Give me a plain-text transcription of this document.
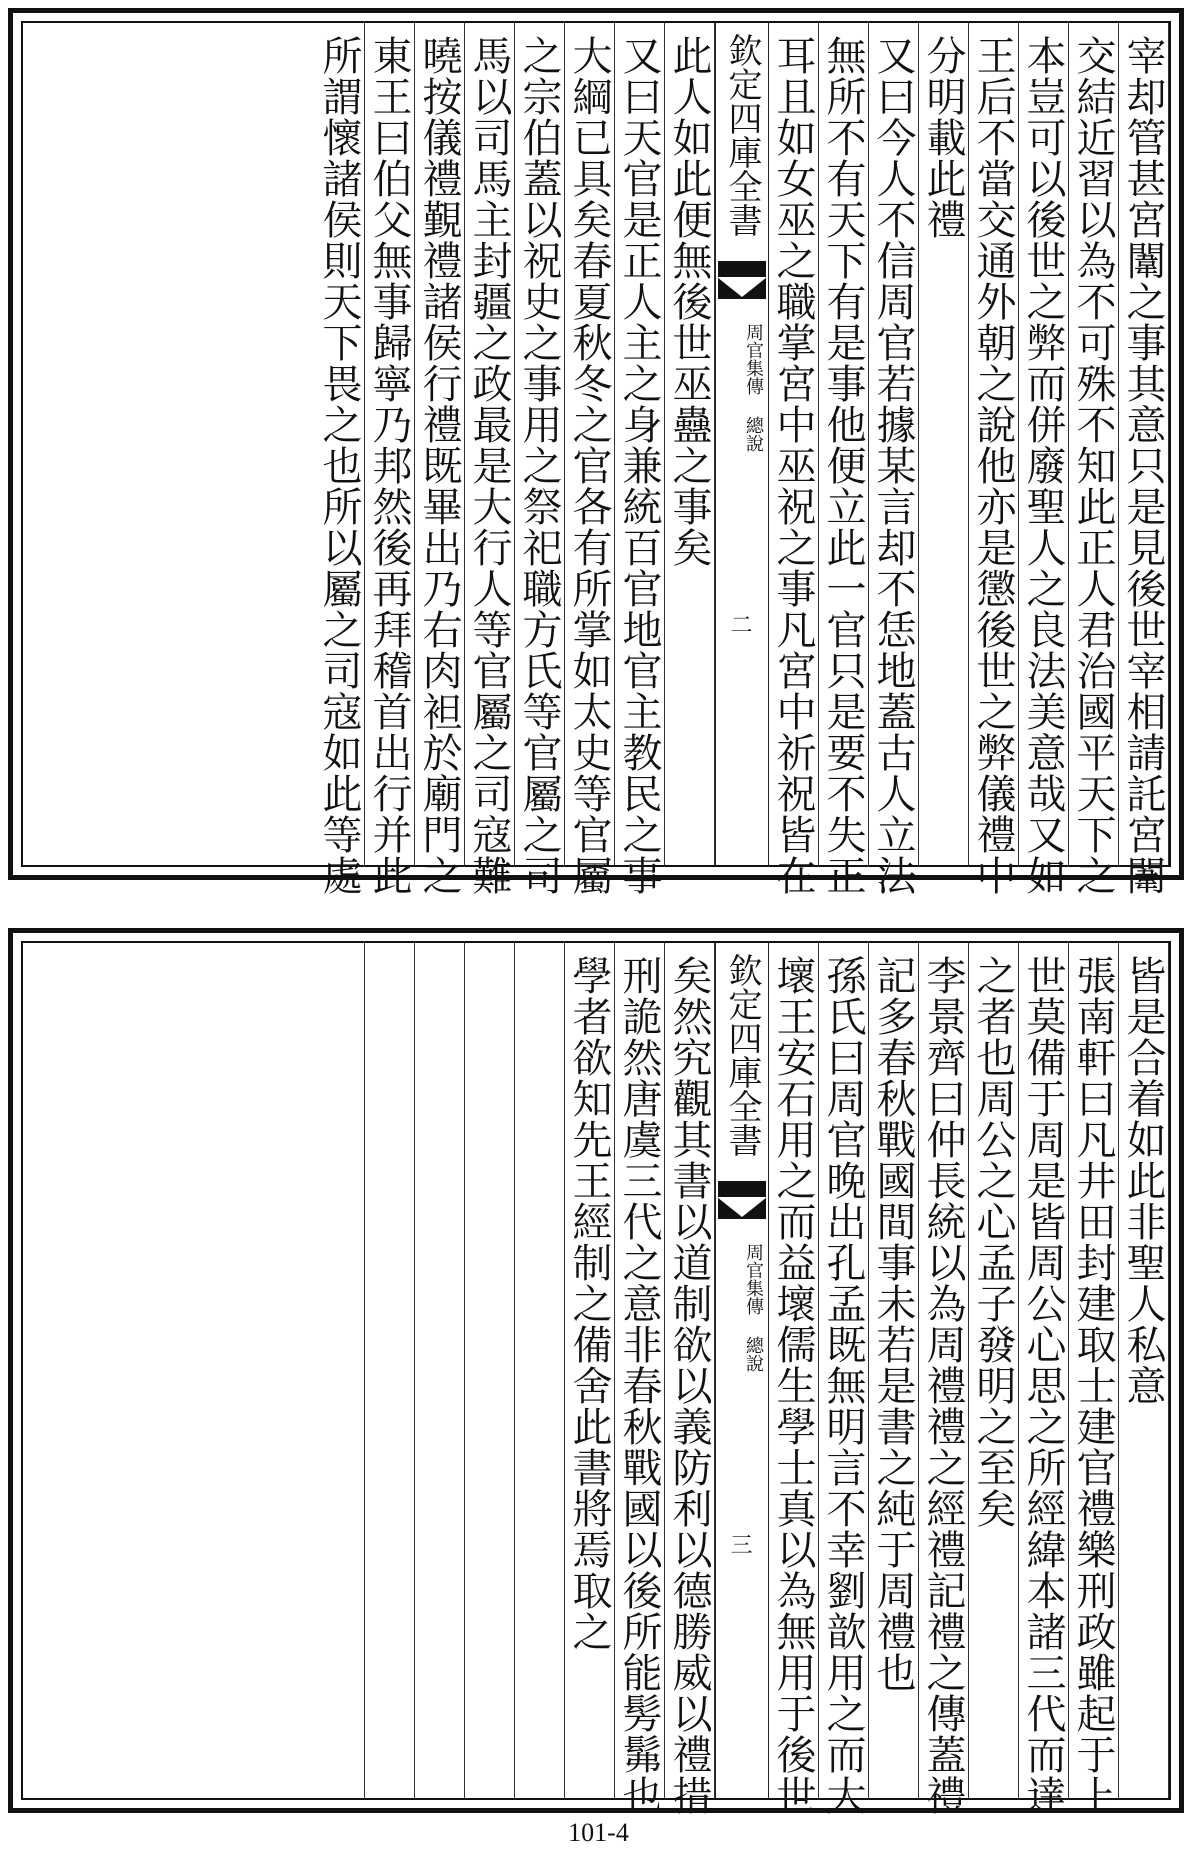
宰却管甚宮闈之事其意只是見後世宰相請託宮闈
交結近習以為不可殊不知此正人君治國平天下之
本豈可以後世之弊而併廢聖人之良法美意哉又如
王后不當交通外朝之說他亦是懲後世之弊儀禮中
分明載此禮
又曰今人不信周官若據某言却不恁地蓋古人立法
無所不有天下有是事他便立此一官只是要不失正
耳且如女巫之職掌宮中巫祝之事凡宮中祈祝皆在
欽定四庫全書
周官集傳 總說
二
此人如此便無後世巫蠱之事矣
又曰天官是正人主之身兼統百官地官主教民之事
大綱已具矣春夏秋冬之官各有所掌如太史等官屬
之宗伯蓋以祝史之事用之祭祀職方氏等官屬之司
馬以司馬主封疆之政最是大行人等官屬之司寇難
曉按儀禮覲禮諸侯行禮既畢出乃右肉袒於廟門之
東王曰伯父無事歸寧乃邦然後再拜稽首出行并此
所謂懷諸侯則天下畏之也所以屬之司寇如此等處
皆是合着如此非聖人私意
張南軒曰凡井田封建取士建官禮樂刑政雖起于上
世莫備于周是皆周公心思之所經緯本諸三代而達
之者也周公之心孟子發明之至矣
李景齊曰仲長統以為周禮禮之經禮記禮之傳蓋禮
記多春秋戰國間事未若是書之純于周禮也
孫氏曰周官晚出孔孟既無明言不幸劉歆用之而大
壞王安石用之而益壞儒生學士真以為無用于後世
欽定四庫全書
周官集傳 總說
三
矣然究觀其書以道制欲以義防利以德勝威以禮措
刑詭然唐虞三代之意非春秋戰國以後所能髣髴也
學者欲知先王經制之備舍此書將焉取之
101-4
